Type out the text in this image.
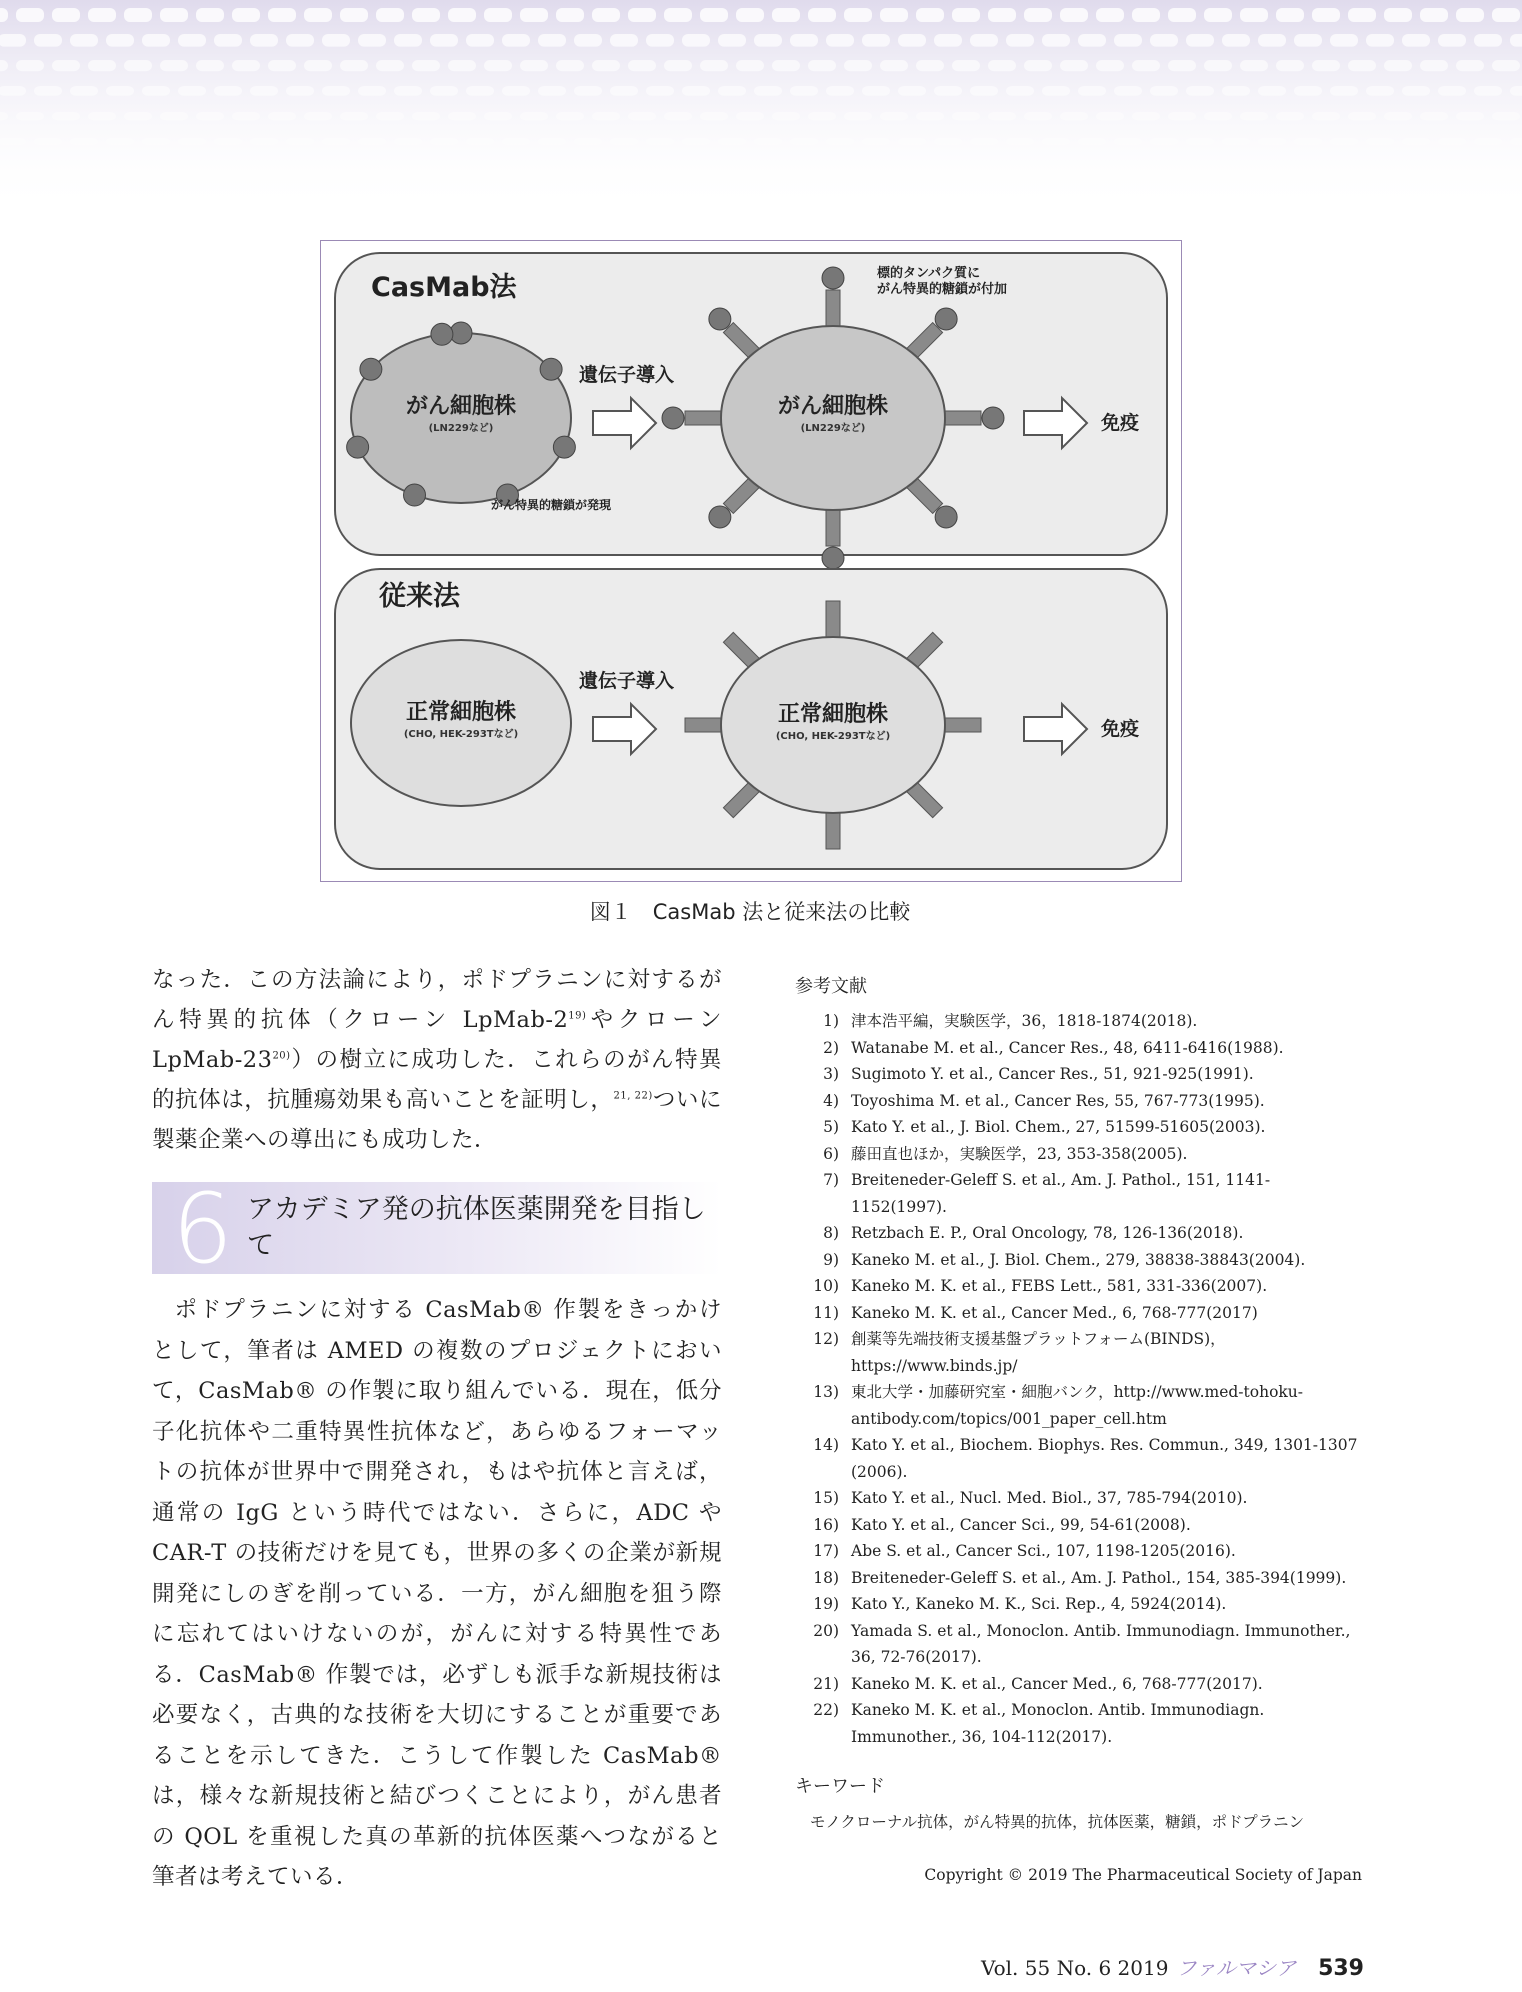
CasMab法	標的タンパク質に
がん特異的糖鎖が付加
がん細胞株
(LN229など)
がん特異的糖鎖が発現
遺伝子導入
がん細胞株
(LN229など)	免疫
従来法
正常細胞株
(CHO, HEK-293Tなど)
遺伝子導入
正常細胞株
(CHO, HEK-293Tなど)	免疫
図１　CasMab 法と従来法の比較

なった．この方法論により，ポドプラニンに対するがん特異的抗体（クローン LpMab-2$^{19)}$やクローン LpMab-23$^{20)}$）の樹立に成功した．これらのがん特異的抗体は，抗腫瘍効果も高いことを証明し，$^{21, 22)}$ついに製薬企業への導出にも成功した．

6 アカデミア発の抗体医薬開発を目指して

ポドプラニンに対する CasMab® 作製をきっかけとして，筆者は AMED の複数のプロジェクトにおいて，CasMab® の作製に取り組んでいる．現在，低分子化抗体や二重特異性抗体など，あらゆるフォーマットの抗体が世界中で開発され，もはや抗体と言えば，通常の IgG という時代ではない．さらに，ADC や CAR-T の技術だけを見ても，世界の多くの企業が新規開発にしのぎを削っている．一方，がん細胞を狙う際に忘れてはいけないのが，がんに対する特異性である．CasMab® 作製では，必ずしも派手な新規技術は必要なく，古典的な技術を大切にすることが重要であることを示してきた．こうして作製した CasMab® は，様々な新規技術と結びつくことにより，がん患者の QOL を重視した真の革新的抗体医薬へつながると筆者は考えている．

参考文献
1) 津本浩平編，実験医学，36，1818-1874(2018).
2) Watanabe M. et al., Cancer Res., 48, 6411-6416(1988).
3) Sugimoto Y. et al., Cancer Res., 51, 921-925(1991).
4) Toyoshima M. et al., Cancer Res, 55, 767-773(1995).
5) Kato Y. et al., J. Biol. Chem., 27, 51599-51605(2003).
6) 藤田直也ほか，実験医学，23, 353-358(2005).
7) Breiteneder-Geleff S. et al., Am. J. Pathol., 151, 1141-1152(1997).
8) Retzbach E. P., Oral Oncology, 78, 126-136(2018).
9) Kaneko M. et al., J. Biol. Chem., 279, 38838-38843(2004).
10) Kaneko M. K. et al., FEBS Lett., 581, 331-336(2007).
11) Kaneko M. K. et al., Cancer Med., 6, 768-777(2017)
12) 創薬等先端技術支援基盤プラットフォーム(BINDS)，https://www.binds.jp/
13) 東北大学・加藤研究室・細胞バンク，http://www.med-tohoku-antibody.com/topics/001_paper_cell.htm
14) Kato Y. et al., Biochem. Biophys. Res. Commun., 349, 1301-1307 (2006).
15) Kato Y. et al., Nucl. Med. Biol., 37, 785-794(2010).
16) Kato Y. et al., Cancer Sci., 99, 54-61(2008).
17) Abe S. et al., Cancer Sci., 107, 1198-1205(2016).
18) Breiteneder-Geleff S. et al., Am. J. Pathol., 154, 385-394(1999).
19) Kato Y., Kaneko M. K., Sci. Rep., 4, 5924(2014).
20) Yamada S. et al., Monoclon. Antib. Immunodiagn. Immunother., 36, 72-76(2017).
21) Kaneko M. K. et al., Cancer Med., 6, 768-777(2017).
22) Kaneko M. K. et al., Monoclon. Antib. Immunodiagn. Immunother., 36, 104-112(2017).
キーワード
モノクローナル抗体，がん特異的抗体，抗体医薬，糖鎖，ポドプラニン
Copyright © 2019 The Pharmaceutical Society of Japan
Vol. 55 No. 6 2019 ファルマシア 539
